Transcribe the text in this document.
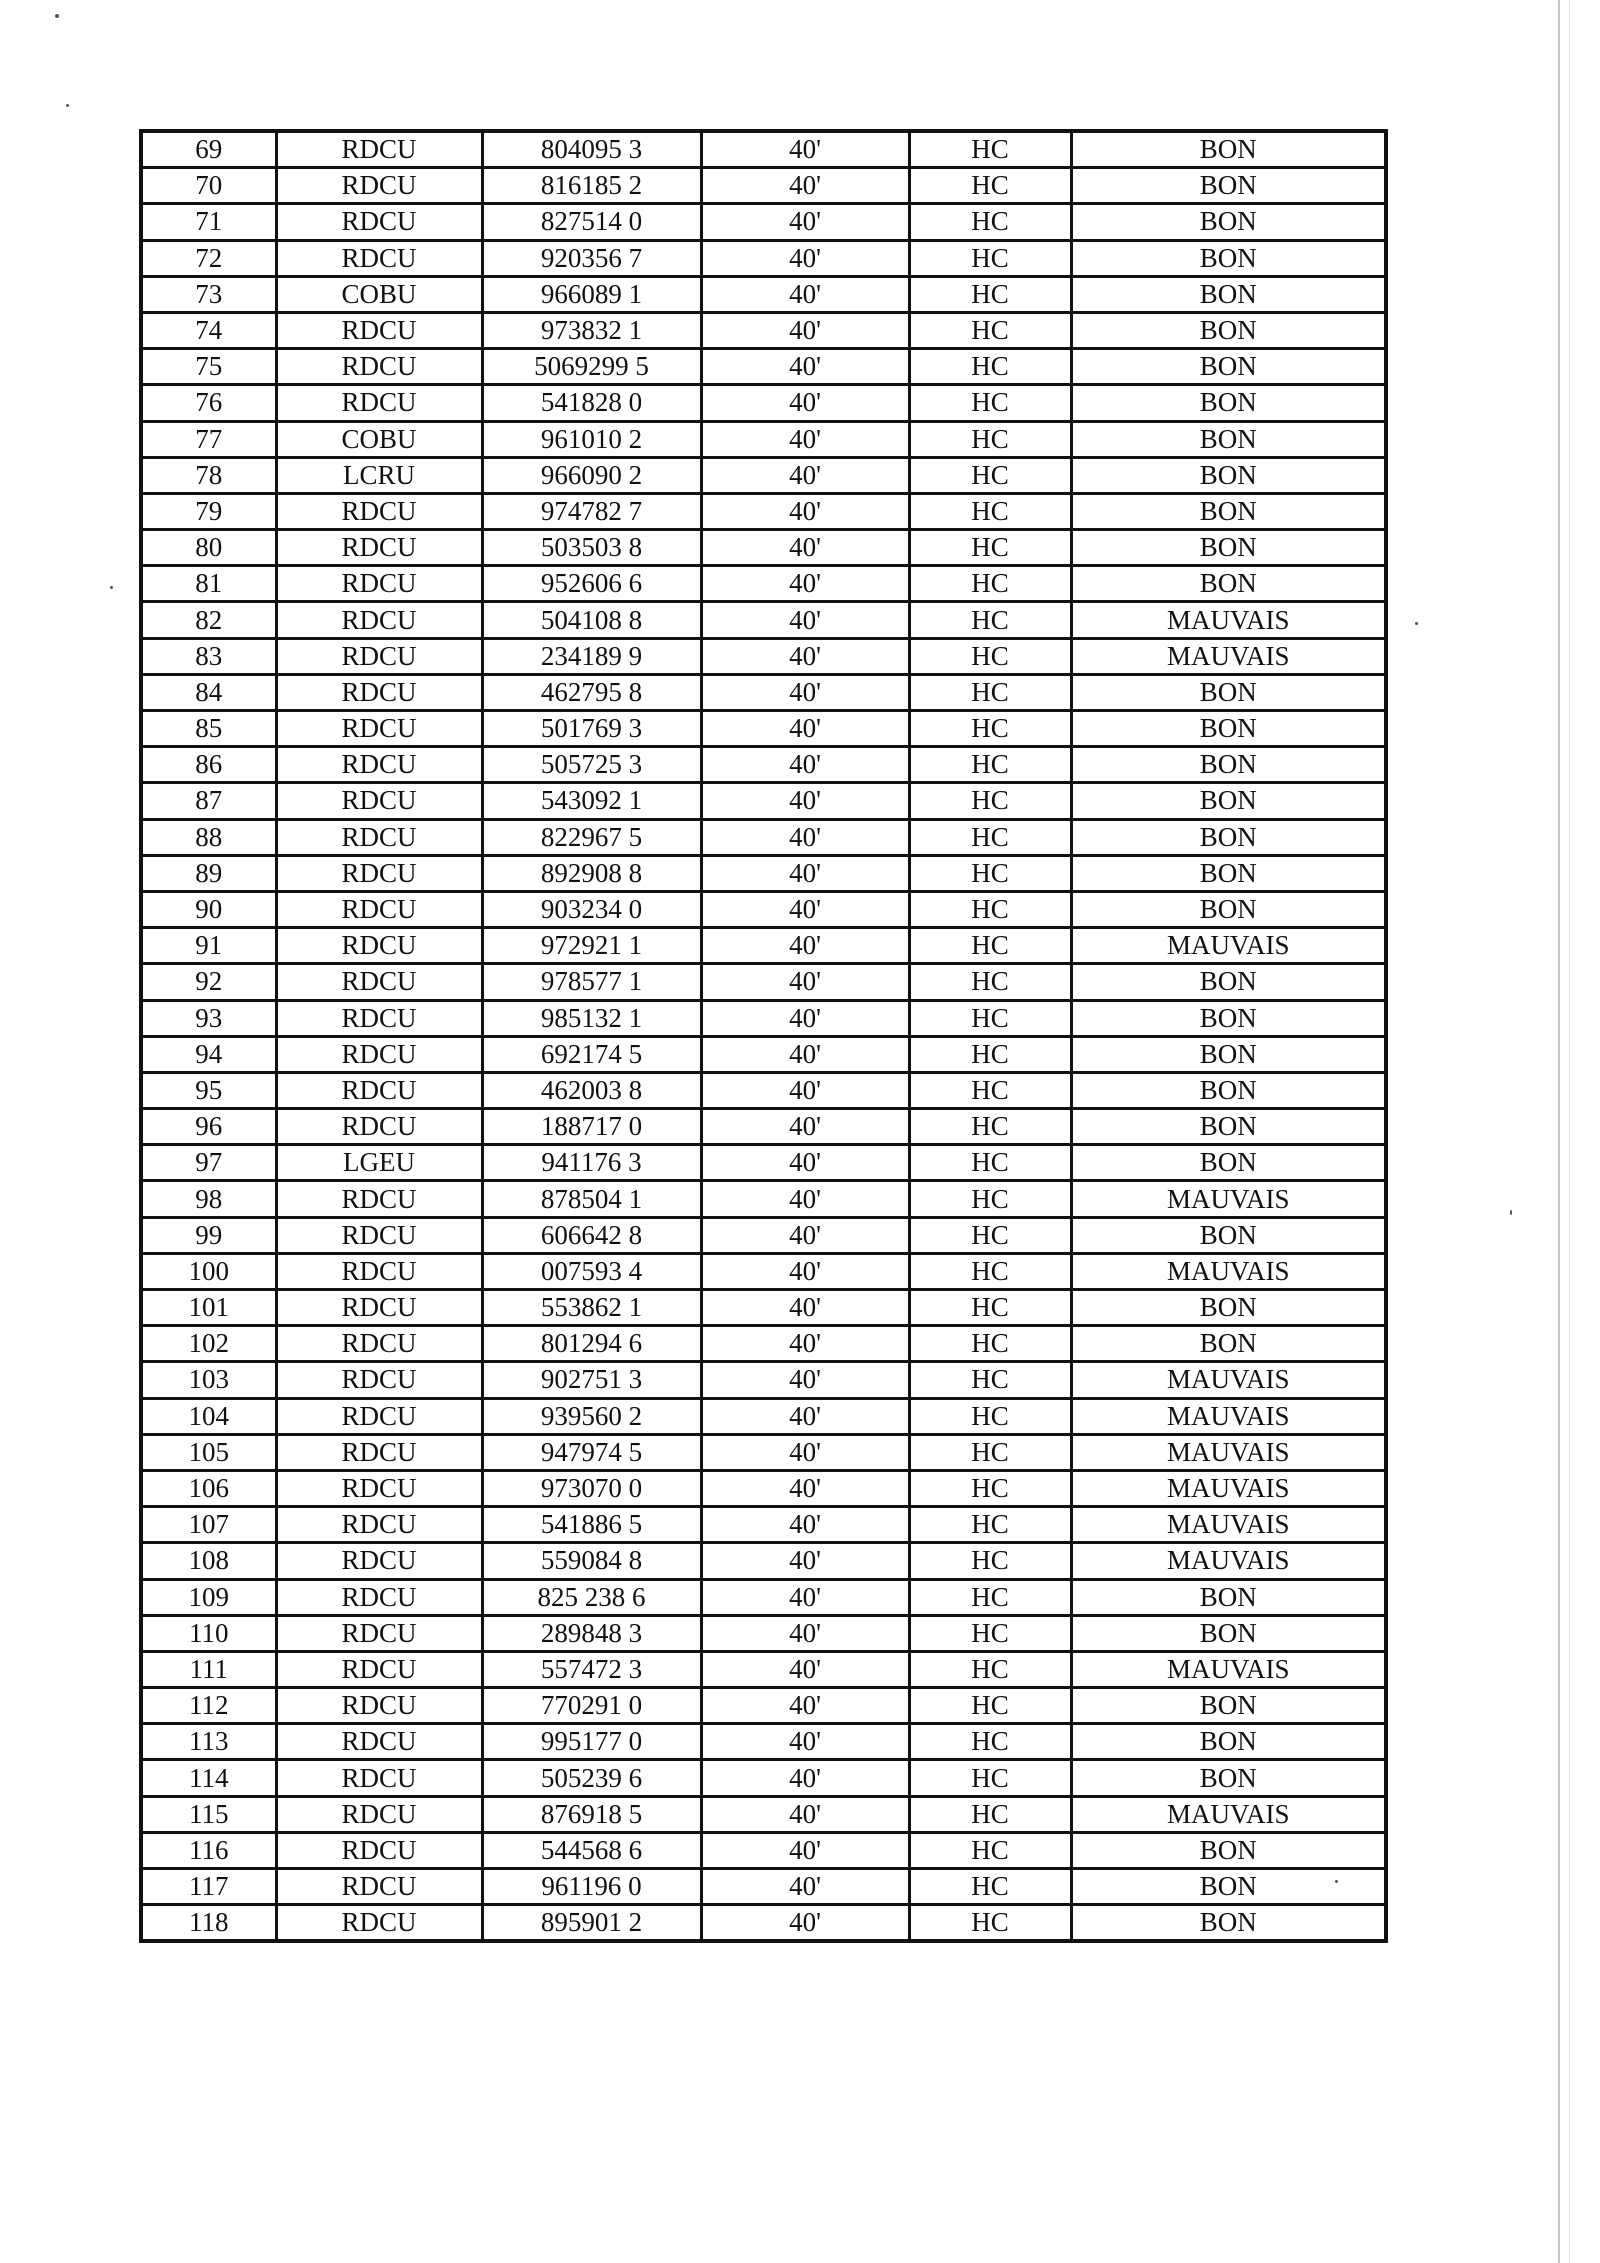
69	RDCU	804095 3	40'	HC	BON
70	RDCU	816185 2	40'	HC	BON
71	RDCU	827514 0	40'	HC	BON
72	RDCU	920356 7	40'	HC	BON
73	COBU	966089 1	40'	HC	BON
74	RDCU	973832 1	40'	HC	BON
75	RDCU	5069299 5	40'	HC	BON
76	RDCU	541828 0	40'	HC	BON
77	COBU	961010 2	40'	HC	BON
78	LCRU	966090 2	40'	HC	BON
79	RDCU	974782 7	40'	HC	BON
80	RDCU	503503 8	40'	HC	BON
81	RDCU	952606 6	40'	HC	BON
82	RDCU	504108 8	40'	HC	MAUVAIS
83	RDCU	234189 9	40'	HC	MAUVAIS
84	RDCU	462795 8	40'	HC	BON
85	RDCU	501769 3	40'	HC	BON
86	RDCU	505725 3	40'	HC	BON
87	RDCU	543092 1	40'	HC	BON
88	RDCU	822967 5	40'	HC	BON
89	RDCU	892908 8	40'	HC	BON
90	RDCU	903234 0	40'	HC	BON
91	RDCU	972921 1	40'	HC	MAUVAIS
92	RDCU	978577 1	40'	HC	BON
93	RDCU	985132 1	40'	HC	BON
94	RDCU	692174 5	40'	HC	BON
95	RDCU	462003 8	40'	HC	BON
96	RDCU	188717 0	40'	HC	BON
97	LGEU	941176 3	40'	HC	BON
98	RDCU	878504 1	40'	HC	MAUVAIS
99	RDCU	606642 8	40'	HC	BON
100	RDCU	007593 4	40'	HC	MAUVAIS
101	RDCU	553862 1	40'	HC	BON
102	RDCU	801294 6	40'	HC	BON
103	RDCU	902751 3	40'	HC	MAUVAIS
104	RDCU	939560 2	40'	HC	MAUVAIS
105	RDCU	947974 5	40'	HC	MAUVAIS
106	RDCU	973070 0	40'	HC	MAUVAIS
107	RDCU	541886 5	40'	HC	MAUVAIS
108	RDCU	559084 8	40'	HC	MAUVAIS
109	RDCU	825 238 6	40'	HC	BON
110	RDCU	289848 3	40'	HC	BON
111	RDCU	557472 3	40'	HC	MAUVAIS
112	RDCU	770291 0	40'	HC	BON
113	RDCU	995177 0	40'	HC	BON
114	RDCU	505239 6	40'	HC	BON
115	RDCU	876918 5	40'	HC	MAUVAIS
116	RDCU	544568 6	40'	HC	BON
117	RDCU	961196 0	40'	HC	BON
118	RDCU	895901 2	40'	HC	BON
